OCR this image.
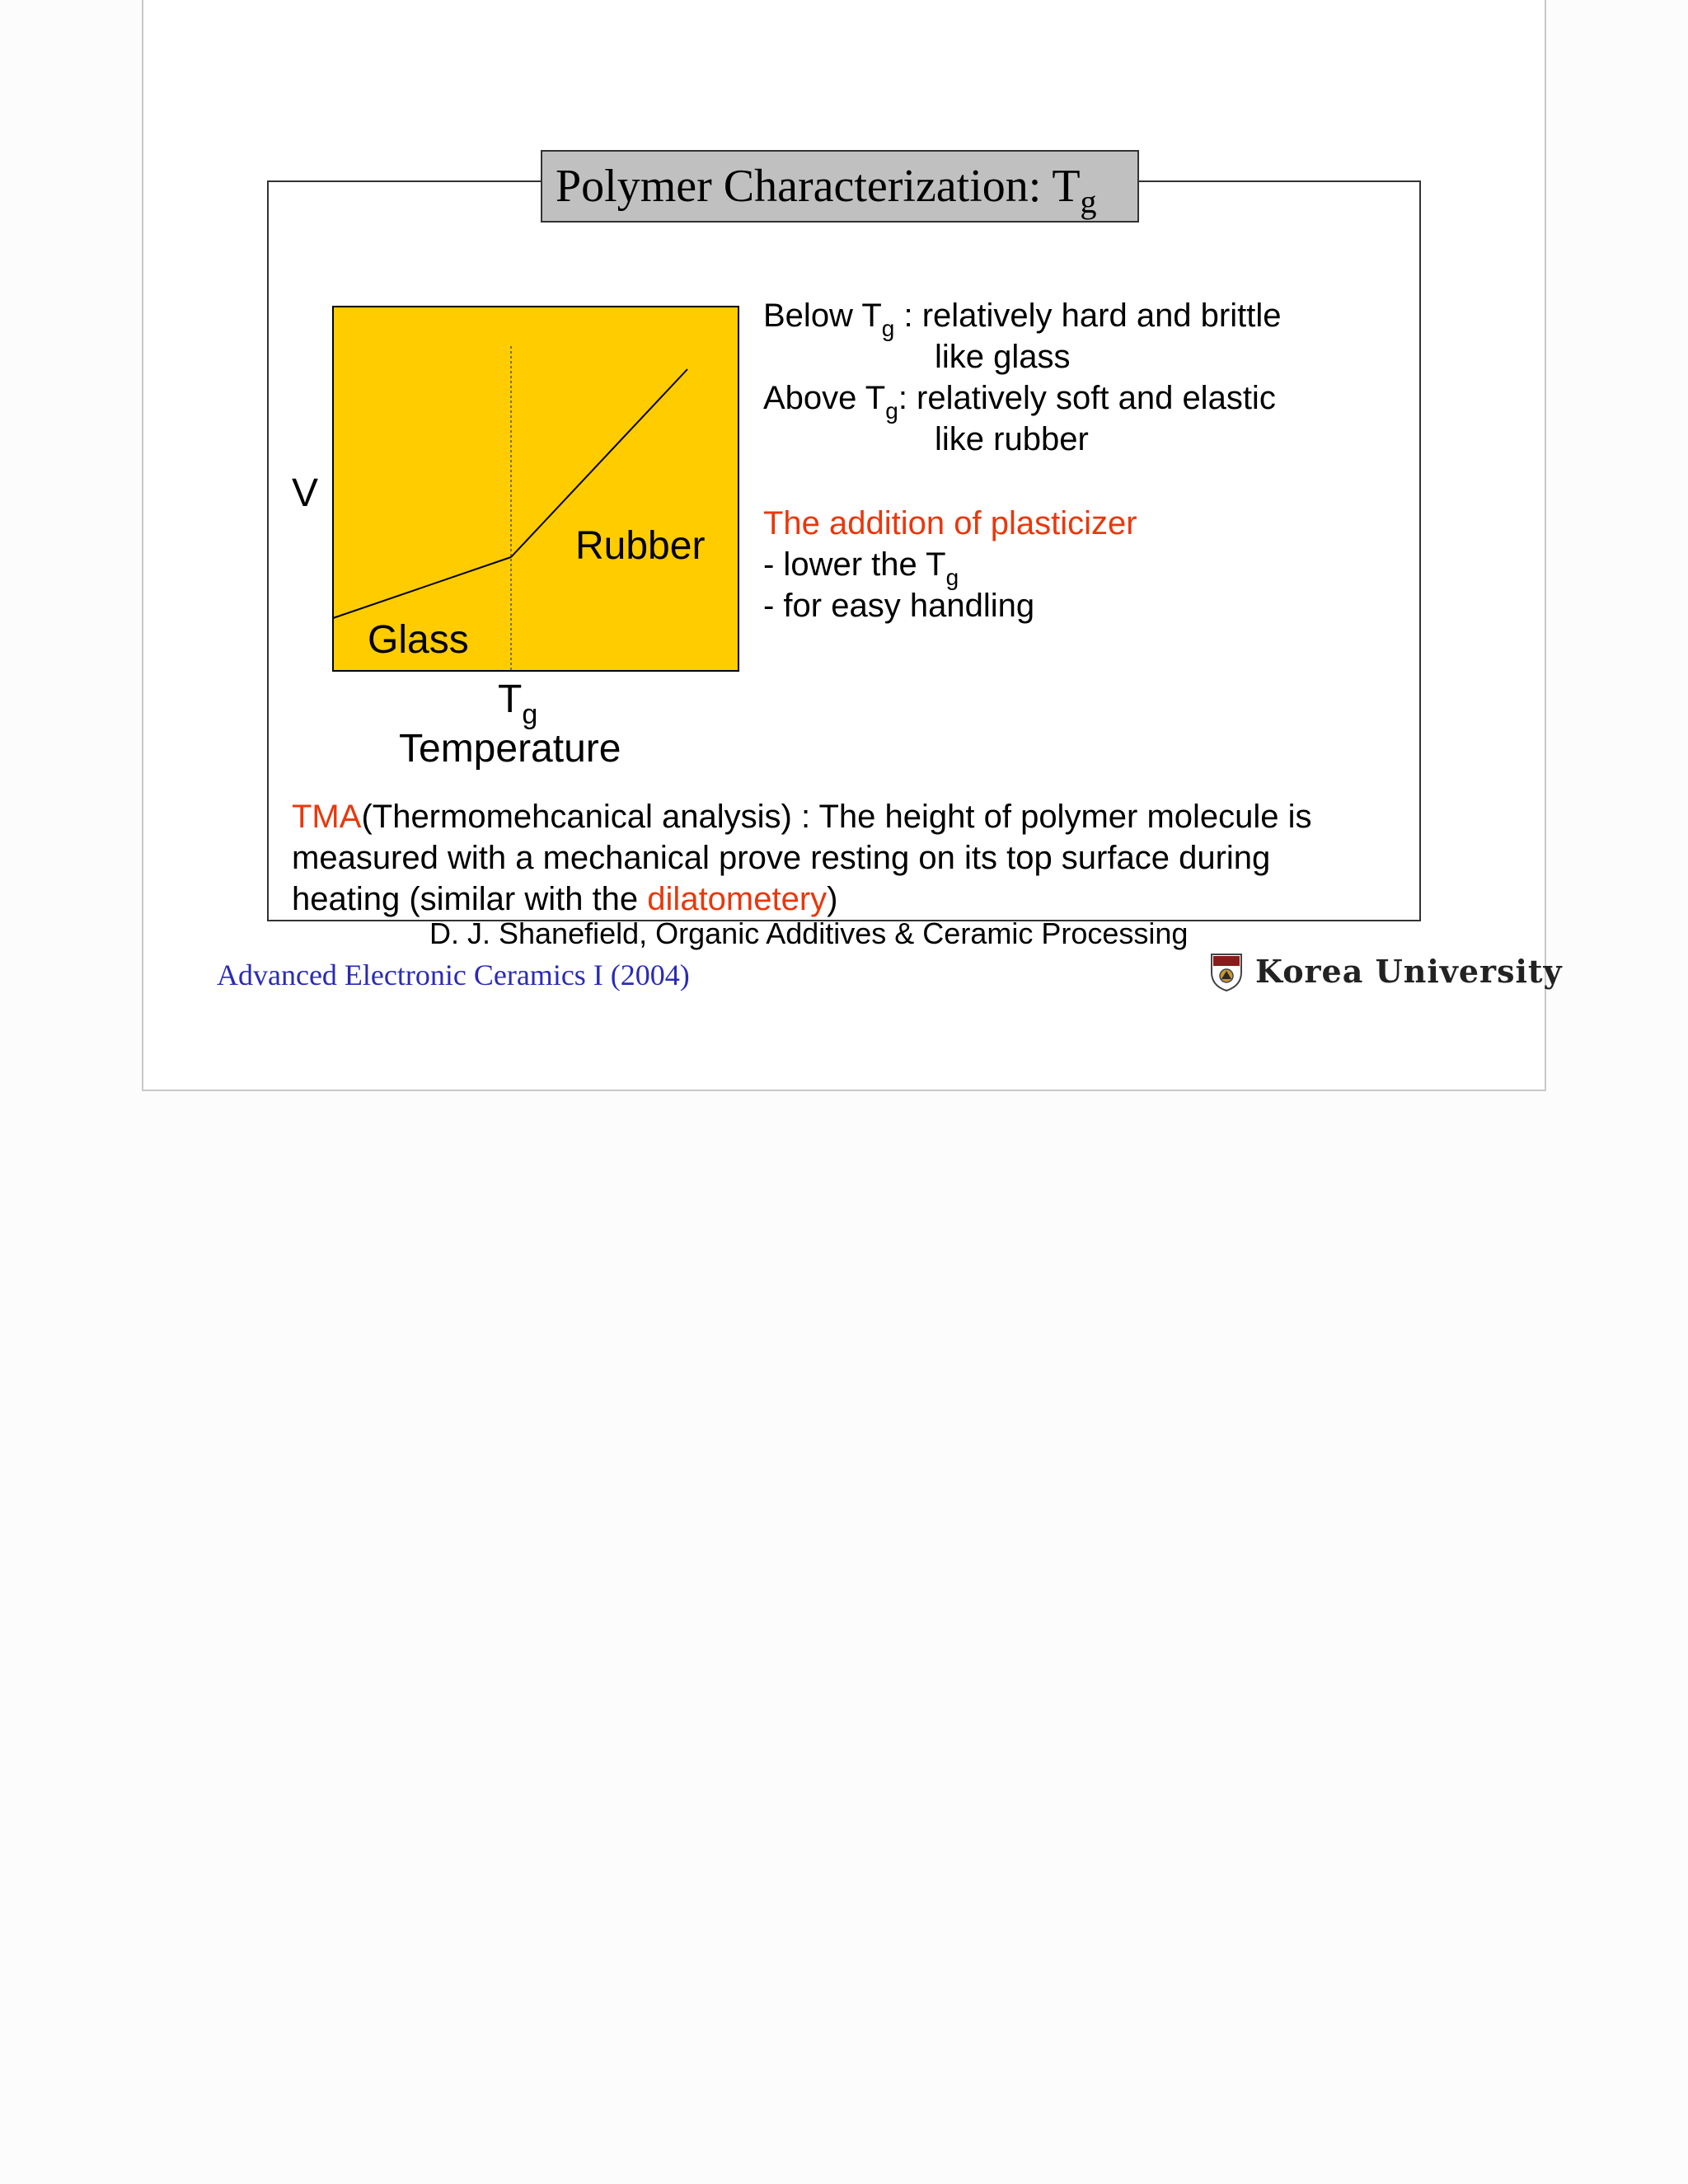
Polymer Characterization: $T_g$
V
Rubber
Glass
$T_g$
Temperature
Below $T_g$ : relatively hard and brittle
like glass
Above $T_g$: relatively soft and elastic
like rubber
The addition of plasticizer
- lower the $T_g$
- for easy handling
TMA(Thermomehcanical analysis) : The height of polymer molecule is
measured with a mechanical prove resting on its top surface during
heating (similar with the dilatometery)
D. J. Shanefield, Organic Additives & Ceramic Processing
Advanced Electronic Ceramics I (2004)	Korea University
